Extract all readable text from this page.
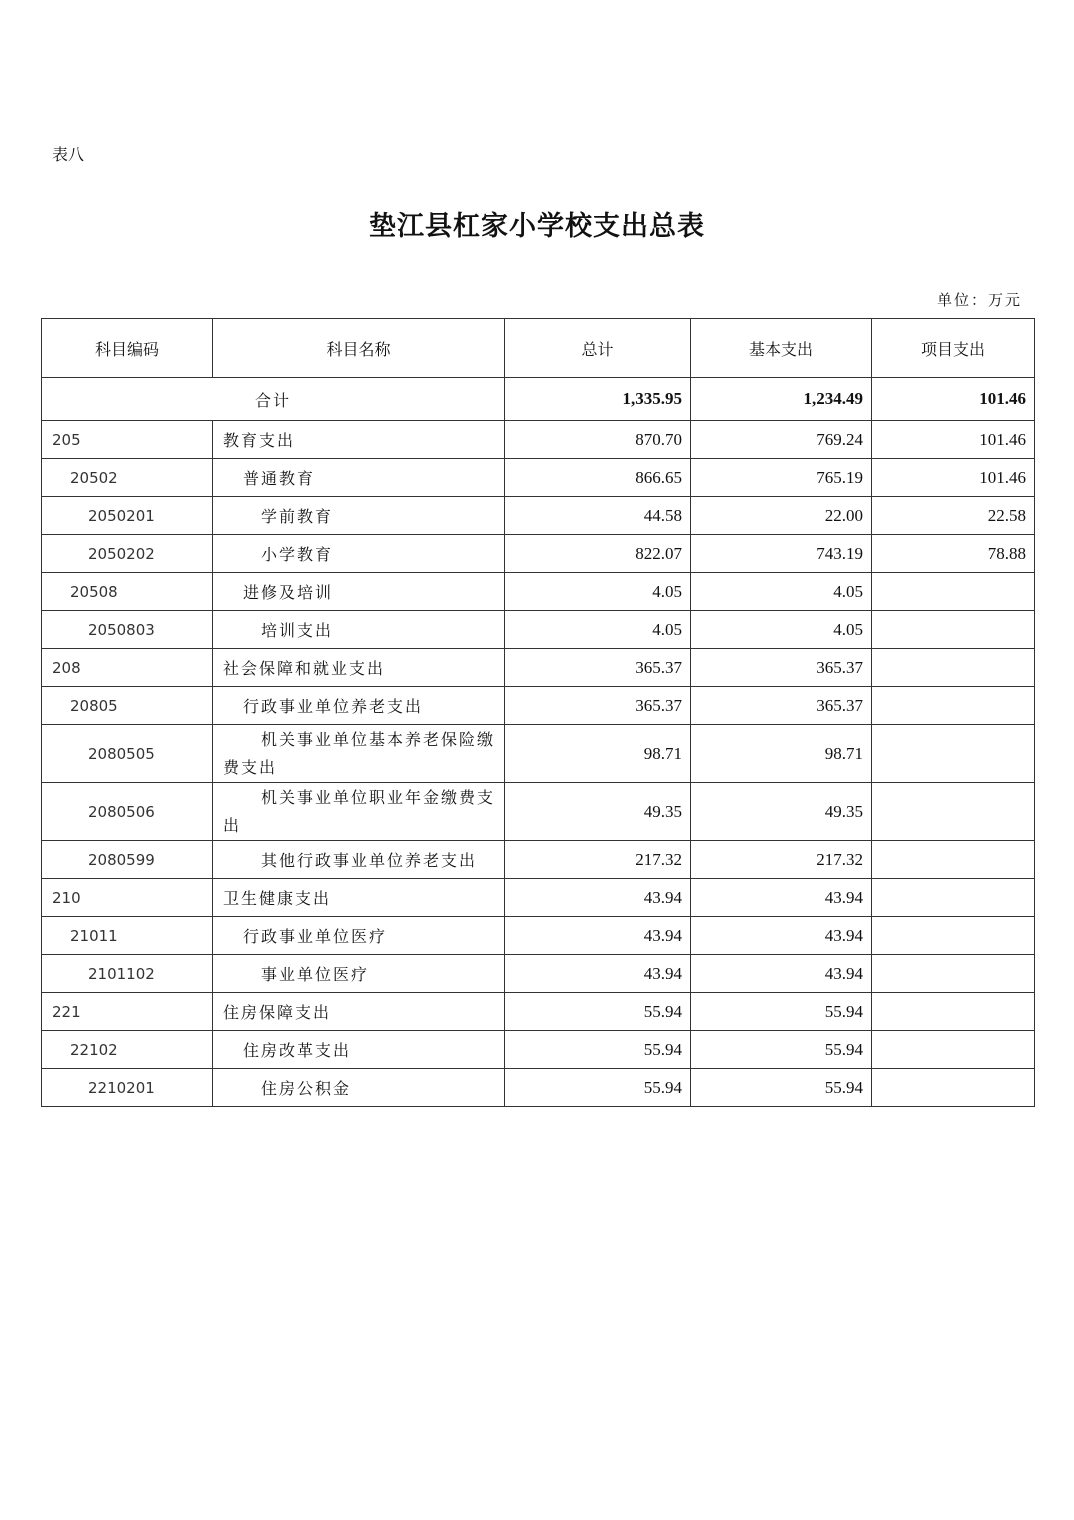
表八
垫江县杠家小学校支出总表
单位：万元
科目编码	科目名称	总计	基本支出	项目支出
合计		1,335.95	1,234.49	101.46
205	教育支出	870.70	769.24	101.46
20502	普通教育	866.65	765.19	101.46
2050201	学前教育	44.58	22.00	22.58
2050202	小学教育	822.07	743.19	78.88
20508	进修及培训	4.05	4.05	
2050803	培训支出	4.05	4.05	
208	社会保障和就业支出	365.37	365.37	
20805	行政事业单位养老支出	365.37	365.37	
2080505	机关事业单位基本养老保险缴费支出	98.71	98.71	
2080506	机关事业单位职业年金缴费支出	49.35	49.35	
2080599	其他行政事业单位养老支出	217.32	217.32	
210	卫生健康支出	43.94	43.94	
21011	行政事业单位医疗	43.94	43.94	
2101102	事业单位医疗	43.94	43.94	
221	住房保障支出	55.94	55.94	
22102	住房改革支出	55.94	55.94	
2210201	住房公积金	55.94	55.94	
